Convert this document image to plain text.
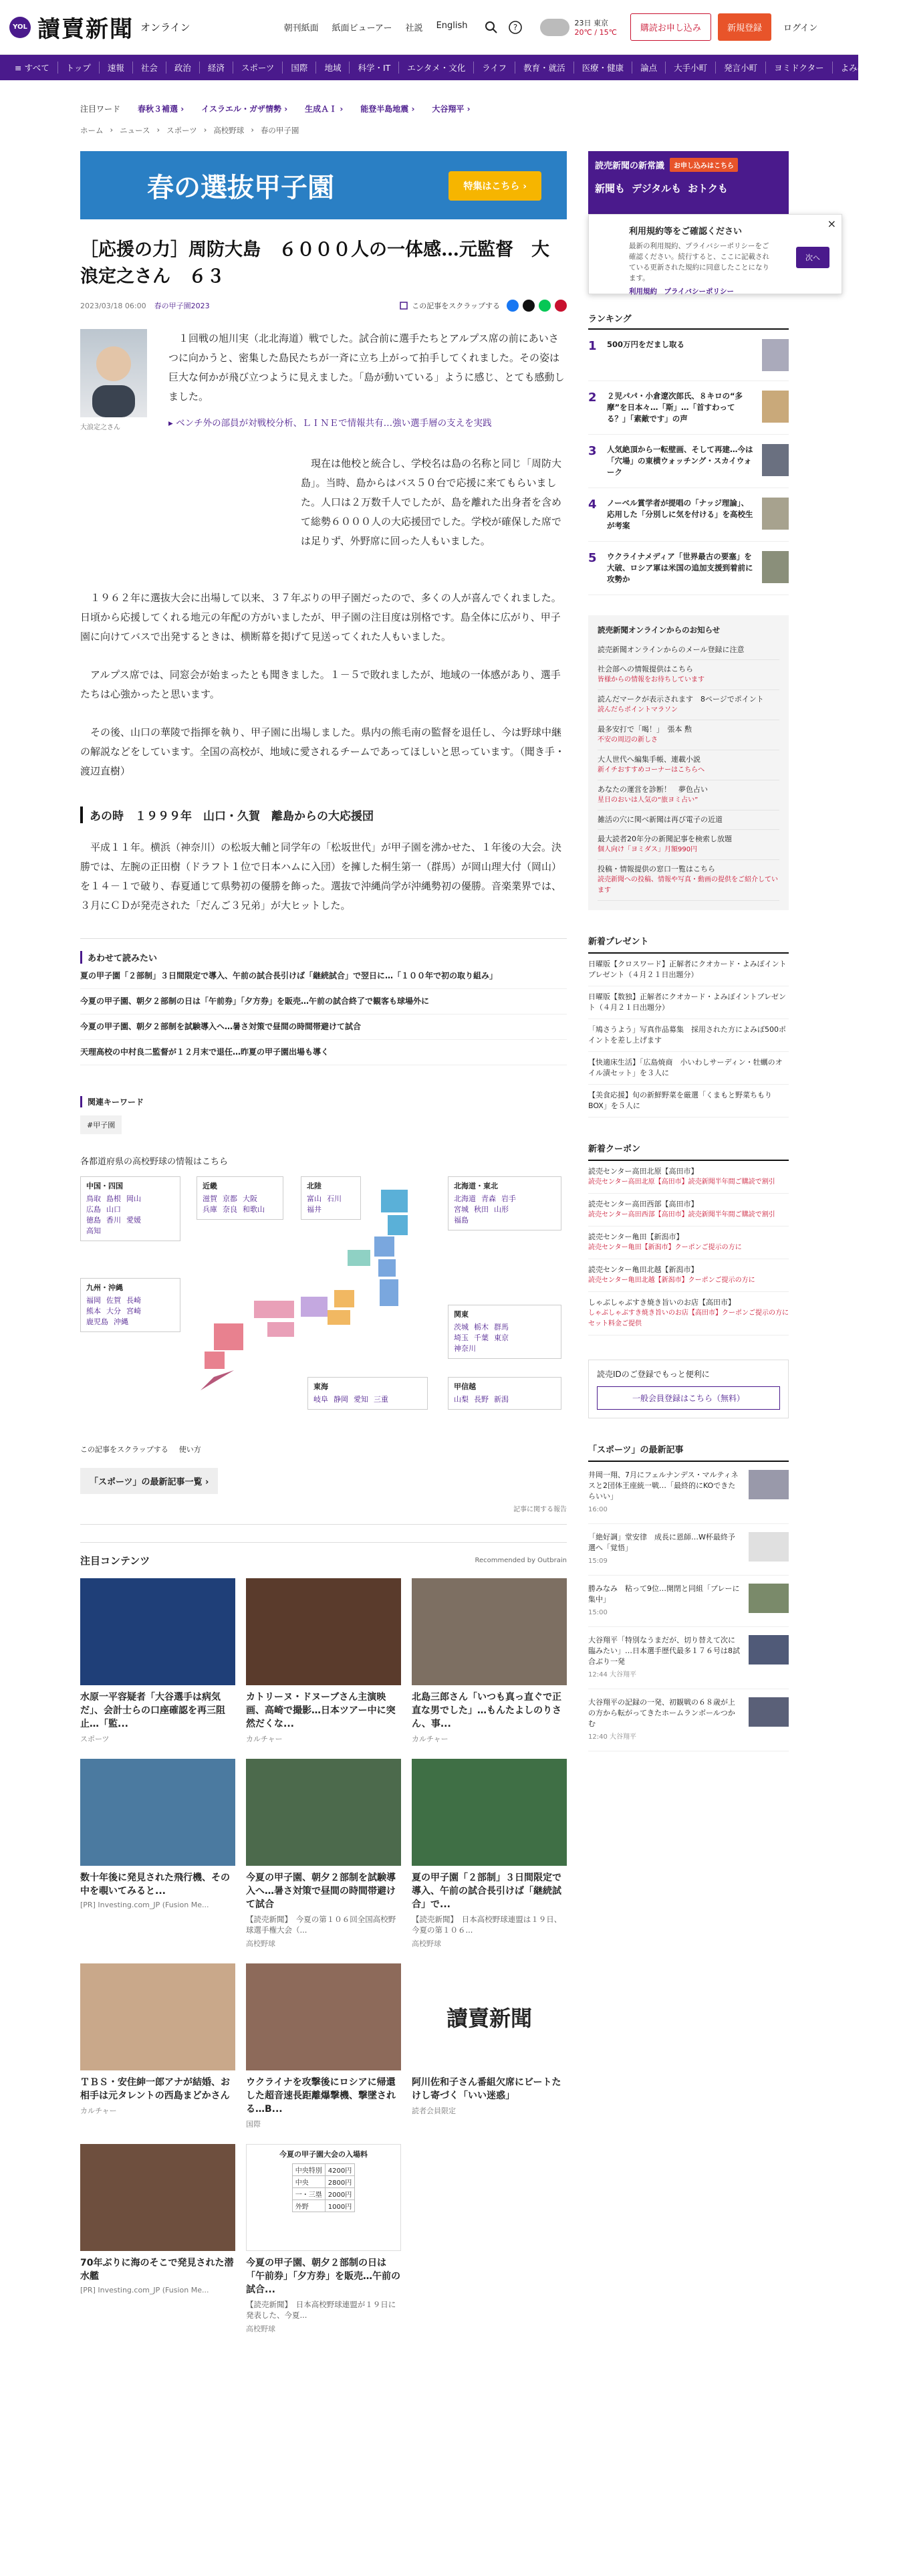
YOL 讀賣新聞 オンライン	朝刊紙面 紙面ビューアー 社説 English	?	23日 東京
20℃ / 15℃	購読お申し込み	新規登録	ログイン
≡ すべて	トップ	速報	社会	政治	経済	スポーツ	国際	地域	科学・IT	エンタメ・文化	ライフ	教育・就活	医療・健康	論点	大手小町	発言小町	ヨミドクター	よみぽランド
注目ワード 春秋３補選 › イスラエル・ガザ情勢 › 生成ＡＩ › 能登半島地震 › 大谷翔平 ›
ホーム › ニュース › スポーツ › 高校野球 › 春の甲子園
春の選抜甲子園	特集はこちら ›
［応援の力］周防大島　６０００人の一体感…元監督　大浪定之さん　６３
2023/03/18 06:00 春の甲子園2023	この記事をスクラップする
大浪定之さん

　１回戦の旭川実（北北海道）戦でした。試合前に選手たちとアルプス席の前にあいさつに向かうと、密集した島民たちが一斉に立ち上がって拍手してくれました。その姿は巨大な何かが飛び立つように見えました。「島が動いている」ように感じ、とても感動しました。

▸ ベンチ外の部員が対戦校分析、ＬＩＮＥで情報共有…強い選手層の支えを実践

　現在は他校と統合し、学校名は島の名称と同じ「周防大島」。当時、島からはバス５０台で応援に来てもらいました。人口は２万数千人でしたが、島を離れた出身者を含めて総勢６０００人の大応援団でした。学校が確保した席では足りず、外野席に回った人もいました。

　１９６２年に選抜大会に出場して以来、３７年ぶりの甲子園だったので、多くの人が喜んでくれました。日頃から応援してくれる地元の年配の方がいましたが、甲子園の注目度は別格です。島全体に広がり、甲子園に向けてバスで出発するときは、横断幕を掲げて見送ってくれた人もいました。

　アルプス席では、同窓会が始まったとも聞きました。１－５で敗れましたが、地域の一体感があり、選手たちは心強かったと思います。

　その後、山口の華陵で指揮を執り、甲子園に出場しました。県内の熊毛南の監督を退任し、今は野球中継の解説などをしています。全国の高校が、地域に愛されるチームであってほしいと思っています。（聞き手・渡辺直樹）

あの時　１９９９年　山口・久賀　離島からの大応援団

　平成１１年。横浜（神奈川）の松坂大輔と同学年の「松坂世代」が甲子園を沸かせた、１年後の大会。決勝では、左腕の正田樹（ドラフト１位で日本ハムに入団）を擁した桐生第一（群馬）が岡山理大付（岡山）を１４－１で破り、春夏通じて県勢初の優勝を飾った。選抜で沖縄尚学が沖縄勢初の優勝。音楽業界では、３月にＣＤが発売された「だんご３兄弟」が大ヒットした。

あわせて読みたい
夏の甲子園「２部制」３日間限定で導入、午前の試合長引けば「継続試合」で翌日に…「１００年で初の取り組み」
今夏の甲子園、朝夕２部制の日は「午前券」「夕方券」を販売…午前の試合終了で観客も球場外に
今夏の甲子園、朝夕２部制を試験導入へ…暑さ対策で昼間の時間帯避けて試合
天理高校の中村良二監督が１２月末で退任…昨夏の甲子園出場も導く
関連キーワード
#甲子園
各都道府県の高校野球の情報はこちら
中国・四国
鳥取 島根 岡山
広島 山口
徳島 香川 愛媛
高知
近畿
滋賀 京都 大阪
兵庫 奈良 和歌山
北陸
富山 石川
福井
北海道・東北
北海道 青森 岩手
宮城 秋田 山形
福島
九州・沖縄
福岡 佐賀 長崎
熊本 大分 宮崎
鹿児島 沖縄
関東
茨城 栃木 群馬
埼玉 千葉 東京
神奈川
東海
岐阜 静岡 愛知 三重
甲信越
山梨 長野 新潟
この記事をスクラップする 使い方
「スポーツ」の最新記事一覧 ›
記事に関する報告
注目コンテンツ	Recommended by Outbrain
水原一平容疑者「大谷選手は病気だ」、会計士らの口座確認を再三阻止…「監...
スポーツ
カトリーヌ・ドヌーブさん主演映画、高崎で撮影…日本ツアー中に突然だくな...
カルチャー
北島三郎さん「いつも真っ直ぐで正直な男でした」…もんたよしのりさん、事...
カルチャー
数十年後に発見された飛行機、その中を覗いてみると...
[PR] Investing.com_JP (Fusion Me...
今夏の甲子園、朝夕２部制を試験導入へ…暑さ対策で昼間の時間帯避けて試合
【読売新聞】　今夏の第１０６回全国高校野球選手権大会（...
高校野球
夏の甲子園「２部制」３日間限定で導入、午前の試合長引けば「継続試合」で...
【読売新聞】　日本高校野球連盟は１９日、今夏の第１０６...
高校野球
ＴＢＳ・安住紳一郎アナが結婚、お相手は元タレントの西島まどかさん
カルチャー
ウクライナを攻撃後にロシアに帰還した超音速長距離爆撃機、撃墜される…B...
国際
讀賣新聞
阿川佐和子さん番組欠席にビートたけし寄づく「いい迷惑」
読者会員限定
70年ぶりに海のそこで発見された潜水艦
[PR] Investing.com_JP (Fusion Me...
今夏の甲子園大会の入場料
中央特別	4200円
中央	2800円
一・三塁	2000円
外野	1000円
今夏の甲子園、朝夕２部制の日は「午前券」「夕方券」を販売…午前の試合...
【読売新聞】　日本高校野球連盟が１９日に発表した、今夏...
高校野球
読売新聞の新常識	お申し込みはこちら
新聞も デジタルも おトクも
ランキング
1	500万円をだまし取る
2	２児パパ・小倉遼次郎氏、８キロの“多摩”を日本々…「斯」…「首すわってる？」「素敵です」の声
3	人気絶頂から一転壁画、そして再建…今は「穴場」の東横ウォッチング・スカイウォーク
4	ノーベル賞学者が提唱の「ナッジ理論」、応用した「分別しに気を付ける」を高校生が考案
5	ウクライナメディア「世界最古の要塞」を大破、ロシア軍は米国の追加支援到着前に攻勢か
読売新聞オンラインからのお知らせ
読売新聞オンラインからのメール登録に注意
社会部への情報提供はこちら
皆様からの情報をお待ちしています
読んだマークが表示されます　8ページでポイント
読んだらポイントマラソン
最多安打で「喝！」　張本 勲
不安の周辺の新しさ
大人世代へ編集手帳、連載小説
新イチおすすめコーナーはこちらへ
あなたの運営を診断！　夢色占い
星日のおいは人気の“旅ヨミ占い”
雑活の穴に関べ新聞は再び電子の近道
最大読者20年分の新聞記事を検索し放題
個人向け「ヨミダス」月額990円
投稿・情報提供の窓口一覧はこちら
読売新聞への投稿、情報や写真・動画の提供をご紹介しています
新着プレゼント
日曜版【クロスワード】正解者にクオカード・よみぽイントプレゼント（４月２１日出題分）
日曜版【数独】正解者にクオカード・よみぽイントプレゼント（４月２１日出題分）
「鳩さうよう」写真作品募集　採用された方によみぽ500ポイントを差し上げます
【快適床生活】「広島焼商　小いわしサーディン・牡蠣のオイル漬セット」を３人に
【美食応援】旬の新鮮野菜を厳選「くまもと野菜ちもりBOX」を５人に
新着クーポン
読売センター高田北原【高田市】
読売センター高田北原【高田市】読売新聞半年間ご購読で割引
読売センター高田西部【高田市】
読売センター高田西部【高田市】読売新聞半年間ご購読で割引
読売センター亀田【新潟市】
読売センター亀田【新潟市】クーポンご提示の方に
読売センター亀田北越【新潟市】
読売センター亀田北越【新潟市】クーポンご提示の方に
しゃぶしゃぶすき焼き旨いのお店【高田市】
しゃぶしゃぶすき焼き旨いのお店【高田市】クーポンご提示の方にセット料金ご提供
読売IDのご登録でもっと便利に
一般会員登録はこちら（無料）
「スポーツ」の最新記事
井岡一翔、7月にフェルナンデス・マルティネスと2団体王座統一戦…「最終的にKOできたらいい」
16:00
「絶好調」堂安律　成長に恩師…W杯最終予選へ「覚悟」
15:09
勝みなみ　粘って9位…開閉と同組「プレーに集中」
15:00
大谷翔平「特別なうまだが、切り替えて次に臨みたい」…日本選手歴代最多１７６号は8試合ぶり一発
12:44 大谷翔平
大谷翔平の記録の一発、初観戦の６８歳が上の方から転がってきたホームランボールつかむ
12:40 大谷翔平
×
利用規約等をご確認ください
最新の利用規約、プライバシーポリシーをご確認ください。続行すると、ここに記載されている更新された規約に同意したことになります。
利用規約　プライバシーポリシー
次へ
